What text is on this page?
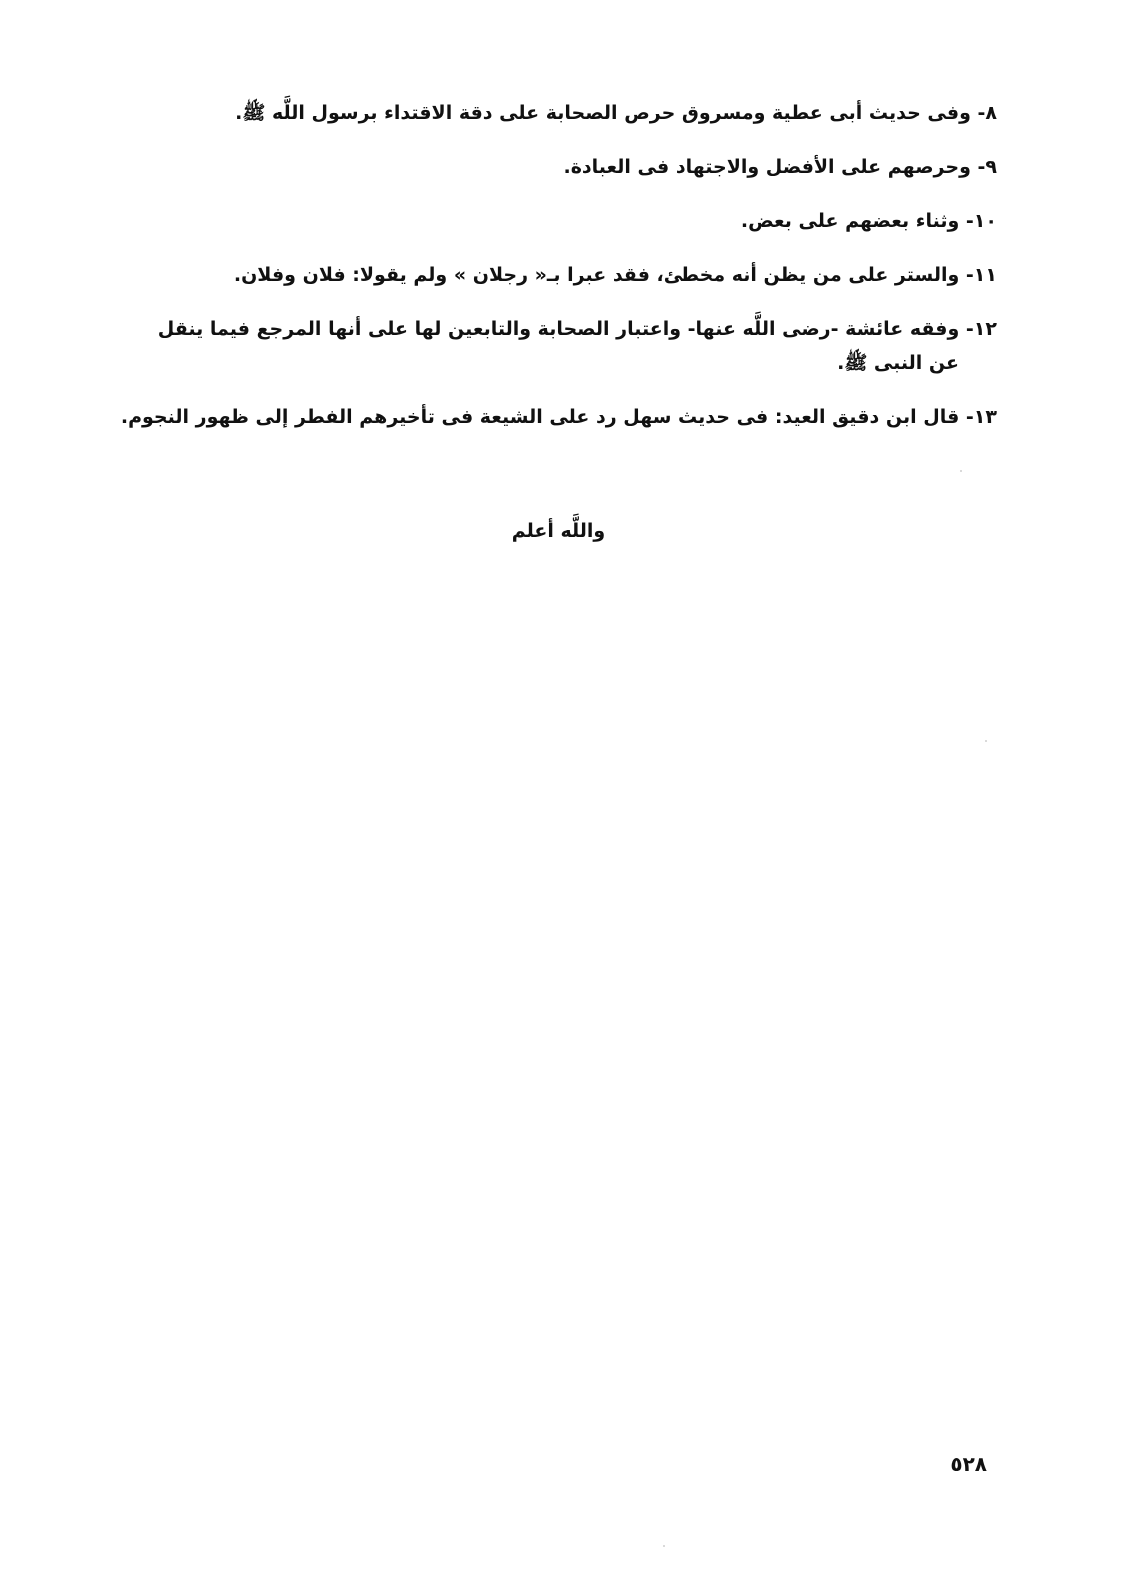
٨- وفى حديث أبى عطية ومسروق حرص الصحابة على دقة الاقتداء برسول اللَّه ﷺ.

٩- وحرصهم على الأفضل والاجتهاد فى العبادة.

١٠- وثناء بعضهم على بعض.

١١- والستر على من يظن أنه مخطئ، فقد عبرا بـ« رجلان » ولم يقولا: فلان وفلان.

١٢- وفقه عائشة -رضى اللَّه عنها- واعتبار الصحابة والتابعين لها على أنها المرجع فيما ينقل عن النبى ﷺ.

١٣- قال ابن دقيق العيد: فى حديث سهل رد على الشيعة فى تأخيرهم الفطر إلى ظهور النجوم.

واللَّه أعلم
٥٢٨
